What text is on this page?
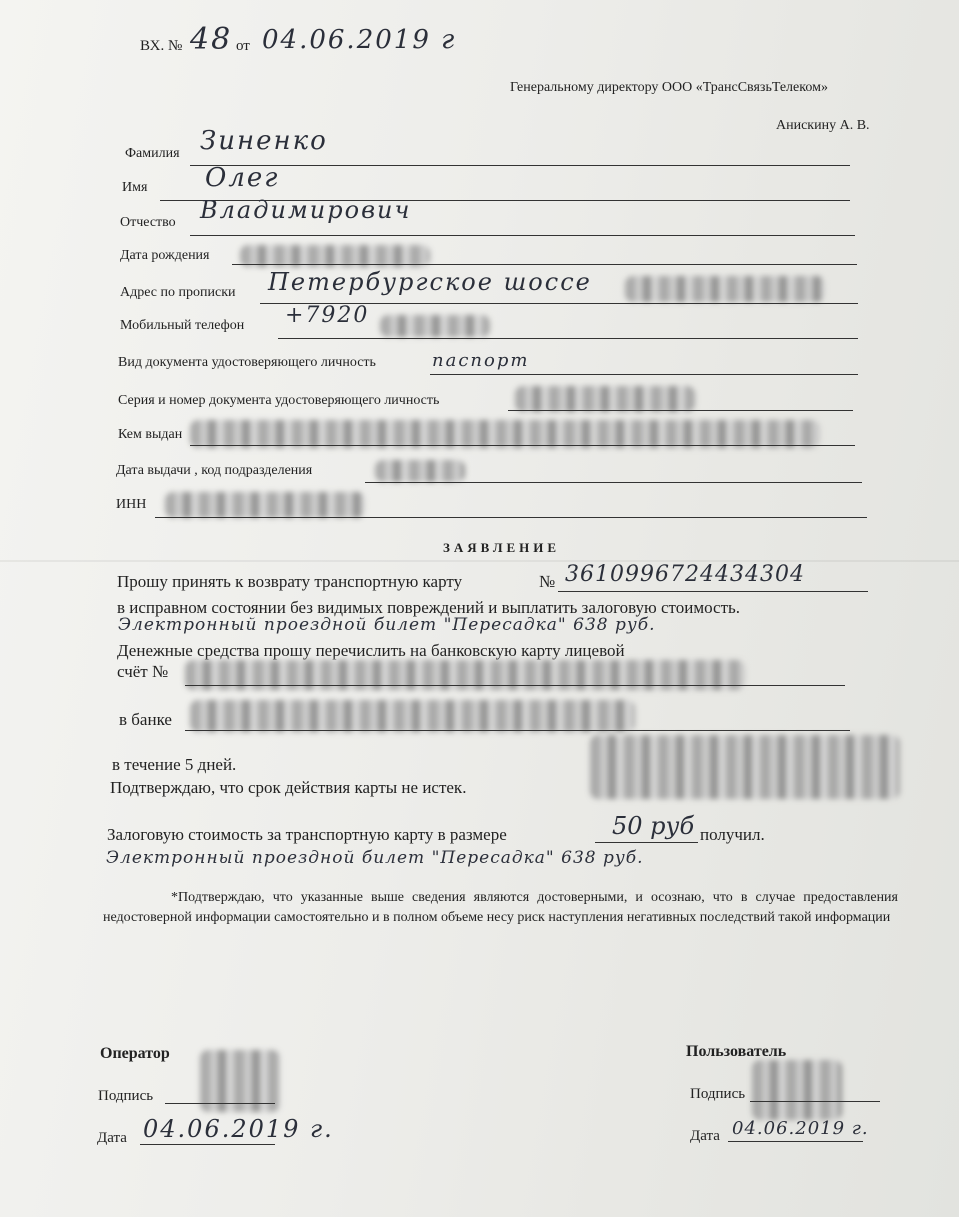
ВХ. № 48 от 04.06.2019 г
Генеральному директору ООО «ТрансСвязьТелеком»
Анискину А. В.
Фамилия Зиненко
Имя Олег
Отчество Владимирович
Дата рождения
Адрес по прописки Петербургское шоссе
Мобильный телефон +7920
Вид документа удостоверяющего личность	паспорт
Серия и номер документа удостоверяющего личность
Кем выдан
Дата выдачи , код подразделения
ИНН
ЗАЯВЛЕНИЕ
Прошу принять к возврату транспортную карту	№ 3610996724434304
в исправном состоянии без видимых повреждений и выплатить залоговую стоимость.
Электронный проездной билет "Пересадка" 638 руб.
Денежные средства прошу перечислить на банковскую карту лицевой
счёт №
в банке
в течение 5 дней.
Подтверждаю, что срок действия карты не истек.
Залоговую стоимость за транспортную карту в размере	50 руб получил.
Электронный проездной билет "Пересадка" 638 руб.
*Подтверждаю, что указанные выше сведения являются достоверными, и осознаю, что в случае предоставления недостоверной информации самостоятельно и в полном объеме несу риск наступления негативных последствий такой информации
Оператор
Подпись
Дата 04.06.2019 г.
Пользователь
Подпись
Дата 04.06.2019 г.
